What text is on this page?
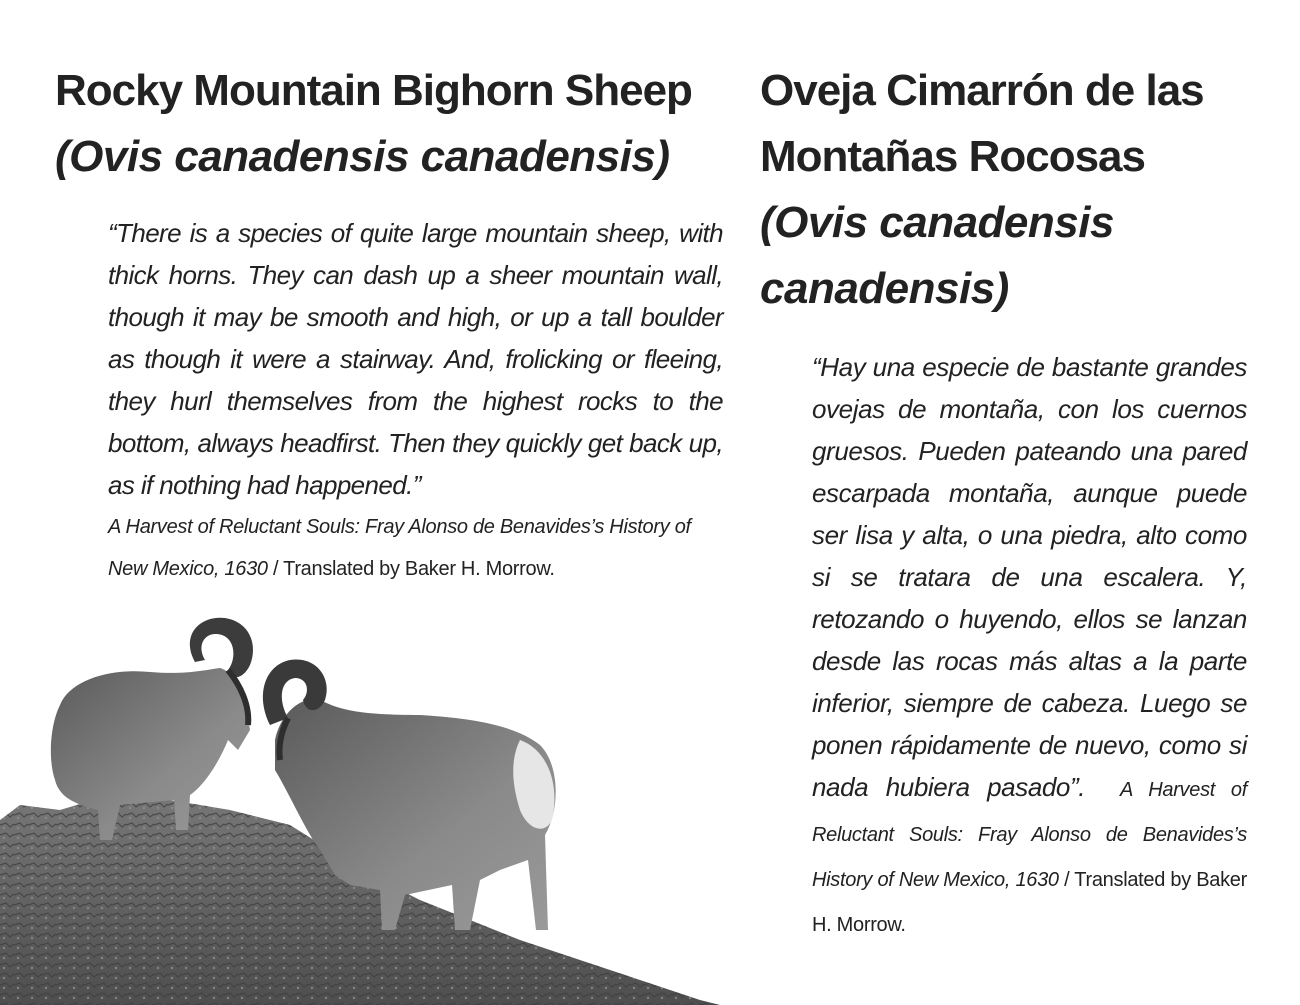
Rocky Mountain Bighorn Sheep
(Ovis canadensis canadensis)

“There is a species of quite large mountain sheep, with thick horns. They can dash up a sheer mountain wall, though it may be smooth and high, or up a tall boulder as though it were a stairway. And, frolicking or fleeing, they hurl themselves from the highest rocks to the bottom, always headfirst. Then they quickly get back up, as if nothing had happened.”

A Harvest of Reluctant Souls: Fray Alonso de Benavides’s History of New Mexico, 1630 / Translated by Baker H. Morrow.
Oveja Cimarrón de las Montañas Rocosas
(Ovis canadensis canadensis)

“Hay una especie de bastante grandes ovejas de montaña, con los cuernos gruesos. Pueden pateando una pared escarpada montaña, aunque puede ser lisa y alta, o una piedra, alto como si se tratara de una escalera. Y, retozando o huyendo, ellos se lanzan desde las rocas más altas a la parte inferior, siempre de cabeza. Luego se ponen rápidamente de nuevo, como si nada hubiera pasado”. A Harvest of Reluctant Souls: Fray Alonso de Benavides’s History of New Mexico, 1630 / Translated by Baker H. Morrow.
